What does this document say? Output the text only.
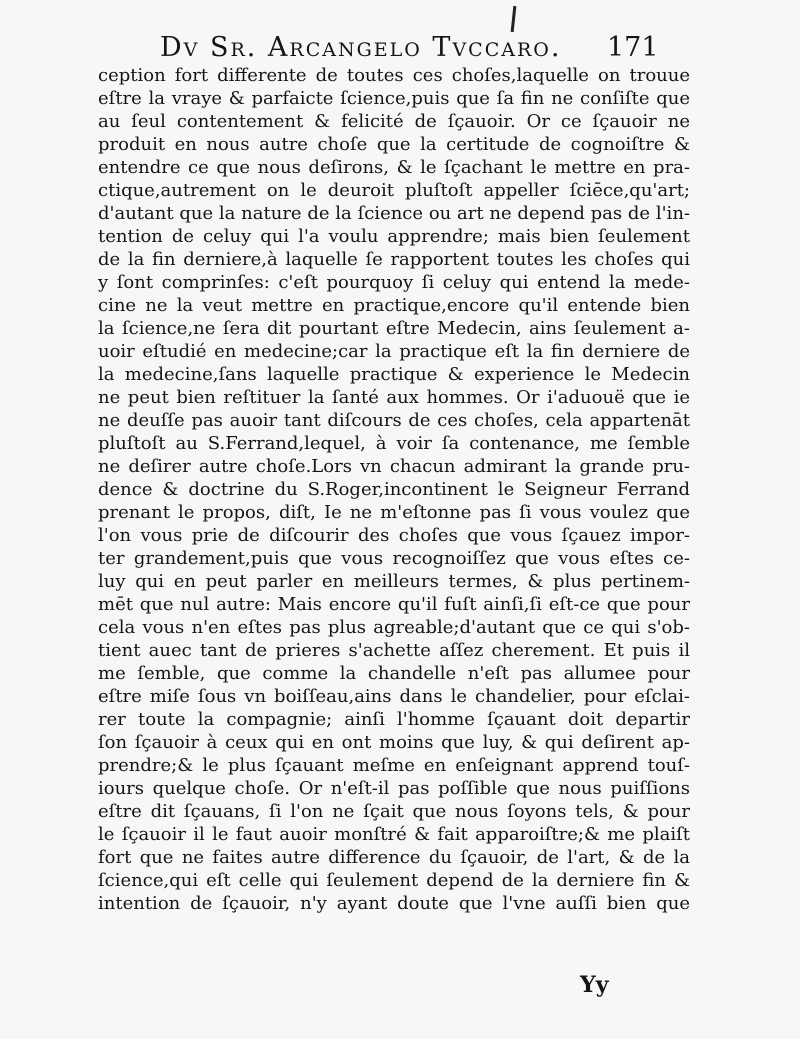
Dv Sr. Arcangelo Tvccaro.	171
ception fort differente de toutes ces choſes,laquelle on trouue
eſtre la vraye & parfaicte ſcience,puis que ſa fin ne conſiſte que
au ſeul contentement & felicité de ſçauoir. Or ce ſçauoir ne
produit en nous autre choſe que la certitude de cognoiſtre &
entendre ce que nous deſirons, & le ſçachant le mettre en pra-
ctique,autrement on le deuroit pluſtoſt appeller ſciēce,qu'art;
d'autant que la nature de la ſcience ou art ne depend pas de l'in-
tention de celuy qui l'a voulu apprendre; mais bien ſeulement
de la fin derniere,à laquelle ſe rapportent toutes les choſes qui
y ſont comprinſes: c'eſt pourquoy ſi celuy qui entend la mede-
cine ne la veut mettre en practique,encore qu'il entende bien
la ſcience,ne ſera dit pourtant eſtre Medecin, ains ſeulement a-
uoir eſtudié en medecine;car la practique eſt la fin derniere de
la medecine,ſans laquelle practique & experience le Medecin
ne peut bien reſtituer la ſanté aux hommes. Or i'aduouë que ie
ne deuſſe pas auoir tant diſcours de ces choſes, cela appartenāt
pluſtoſt au S.Ferrand,lequel, à voir ſa contenance, me ſemble
ne deſirer autre choſe.Lors vn chacun admirant la grande pru-
dence & doctrine du S.Roger,incontinent le Seigneur Ferrand
prenant le propos, diſt, Ie ne m'eſtonne pas ſi vous voulez que
l'on vous prie de diſcourir des choſes que vous ſçauez impor-
ter grandement,puis que vous recognoiſſez que vous eſtes ce-
luy qui en peut parler en meilleurs termes, & plus pertinem-
mēt que nul autre: Mais encore qu'il fuſt ainſi,ſi eſt-ce que pour
cela vous n'en eſtes pas plus agreable;d'autant que ce qui s'ob-
tient auec tant de prieres s'achette aſſez cherement. Et puis il
me ſemble, que comme la chandelle n'eſt pas allumee pour
eſtre miſe ſous vn boiſſeau,ains dans le chandelier, pour eſclai-
rer toute la compagnie; ainſi l'homme ſçauant doit departir
ſon ſçauoir à ceux qui en ont moins que luy, & qui deſirent ap-
prendre;& le plus ſçauant meſme en enſeignant apprend touſ-
iours quelque choſe. Or n'eſt-il pas poſſible que nous puiſſions
eſtre dit ſçauans, ſi l'on ne ſçait que nous ſoyons tels, & pour
le ſçauoir il le faut auoir monſtré & fait apparoiſtre;& me plaiſt
fort que ne faites autre difference du ſçauoir, de l'art, & de la
ſcience,qui eſt celle qui ſeulement depend de la derniere fin &
intention de ſçauoir, n'y ayant doute que l'vne auſſi bien que
Yy
